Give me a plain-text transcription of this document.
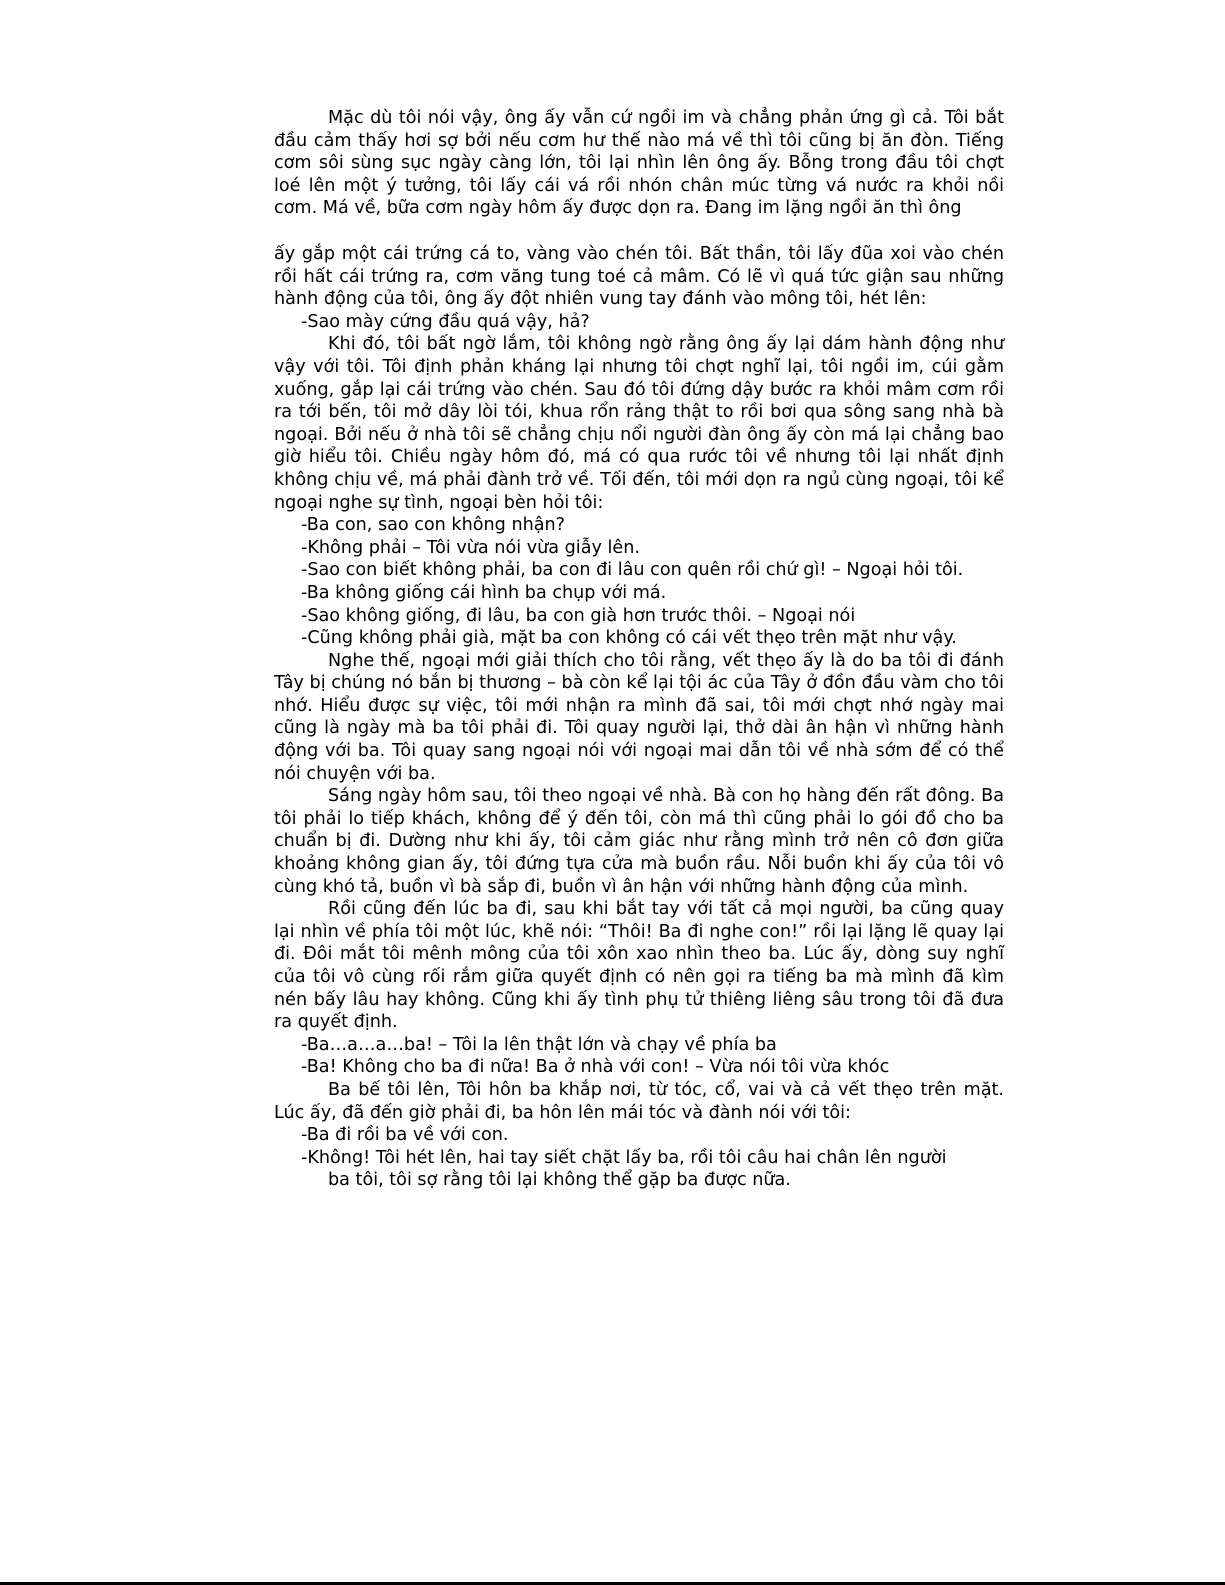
Mặc dù tôi nói vậy, ông ấy vẫn cứ ngồi im và chẳng phản ứng gì cả. Tôi bắt đầu cảm thấy hơi sợ bởi nếu cơm hư thế nào má về thì tôi cũng bị ăn đòn. Tiếng cơm sôi sùng sục ngày càng lớn, tôi lại nhìn lên ông ấy. Bỗng trong đầu tôi chợt loé lên một ý tưởng, tôi lấy cái vá rồi nhón chân múc từng vá nước ra khỏi nồi cơm. Má về, bữa cơm ngày hôm ấy được dọn ra. Đang im lặng ngồi ăn thì ông

ấy gắp một cái trứng cá to, vàng vào chén tôi. Bất thần, tôi lấy đũa xoi vào chén rồi hất cái trứng ra, cơm văng tung toé cả mâm. Có lẽ vì quá tức giận sau những hành động của tôi, ông ấy đột nhiên vung tay đánh vào mông tôi, hét lên:

-Sao mày cứng đầu quá vậy, hả?

Khi đó, tôi bất ngờ lắm, tôi không ngờ rằng ông ấy lại dám hành động như vậy với tôi. Tôi định phản kháng lại nhưng tôi chợt nghĩ lại, tôi ngồi im, cúi gằm xuống, gắp lại cái trứng vào chén. Sau đó tôi đứng dậy bước ra khỏi mâm cơm rồi ra tới bến, tôi mở dây lòi tói, khua rổn rảng thật to rồi bơi qua sông sang nhà bà ngoại. Bởi nếu ở nhà tôi sẽ chẳng chịu nổi người đàn ông ấy còn má lại chẳng bao giờ hiểu tôi. Chiều ngày hôm đó, má có qua rước tôi về nhưng tôi lại nhất định không chịu về, má phải đành trở về. Tối đến, tôi mới dọn ra ngủ cùng ngoại, tôi kể ngoại nghe sự tình, ngoại bèn hỏi tôi:

-Ba con, sao con không nhận?

-Không phải – Tôi vừa nói vừa giẫy lên.

-Sao con biết không phải, ba con đi lâu con quên rồi chứ gì! – Ngoại hỏi tôi.

-Ba không giống cái hình ba chụp với má.

-Sao không giống, đi lâu, ba con già hơn trước thôi. – Ngoại nói

-Cũng không phải già, mặt ba con không có cái vết thẹo trên mặt như vậy.

Nghe thế, ngoại mới giải thích cho tôi rằng, vết thẹo ấy là do ba tôi đi đánh Tây bị chúng nó bắn bị thương – bà còn kể lại tội ác của Tây ở đồn đầu vàm cho tôi nhớ. Hiểu được sự việc, tôi mới nhận ra mình đã sai, tôi mới chợt nhớ ngày mai cũng là ngày mà ba tôi phải đi. Tôi quay người lại, thở dài ân hận vì những hành động với ba. Tôi quay sang ngoại nói với ngoại mai dẫn tôi về nhà sớm để có thể nói chuyện với ba.

Sáng ngày hôm sau, tôi theo ngoại về nhà. Bà con họ hàng đến rất đông. Ba tôi phải lo tiếp khách, không để ý đến tôi, còn má thì cũng phải lo gói đồ cho ba chuẩn bị đi. Dường như khi ấy, tôi cảm giác như rằng mình trở nên cô đơn giữa khoảng không gian ấy, tôi đứng tựa cửa mà buồn rầu. Nỗi buồn khi ấy của tôi vô cùng khó tả, buồn vì bà sắp đi, buồn vì ân hận với những hành động của mình.

Rồi cũng đến lúc ba đi, sau khi bắt tay với tất cả mọi người, ba cũng quay lại nhìn về phía tôi một lúc, khẽ nói: “Thôi! Ba đi nghe con!” rồi lại lặng lẽ quay lại đi. Đôi mắt tôi mênh mông của tôi xôn xao nhìn theo ba. Lúc ấy, dòng suy nghĩ của tôi vô cùng rối rắm giữa quyết định có nên gọi ra tiếng ba mà mình đã kìm nén bấy lâu hay không. Cũng khi ấy tình phụ tử thiêng liêng sâu trong tôi đã đưa ra quyết định.

-Ba…a…a…ba! – Tôi la lên thật lớn và chạy về phía ba

-Ba! Không cho ba đi nữa! Ba ở nhà với con! – Vừa nói tôi vừa khóc

Ba bế tôi lên, Tôi hôn ba khắp nơi, từ tóc, cổ, vai và cả vết thẹo trên mặt. Lúc ấy, đã đến giờ phải đi, ba hôn lên mái tóc và đành nói với tôi:

-Ba đi rồi ba về với con.

-Không! Tôi hét lên, hai tay siết chặt lấy ba, rồi tôi câu hai chân lên người

ba tôi, tôi sợ rằng tôi lại không thể gặp ba được nữa.
